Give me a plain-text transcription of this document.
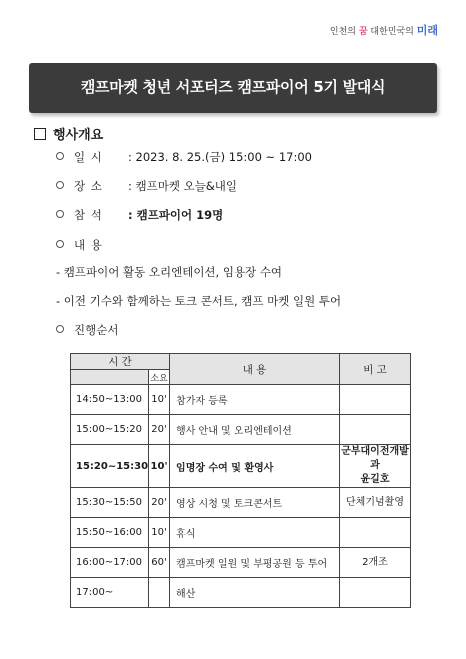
인천의 꿈 대한민국의 미래
캠프마켓 청년 서포터즈 캠프파이어 5기 발대식
행사개요
일 시 : 2023. 8. 25.(금) 15:00 ~ 17:00
장 소 : 캠프마켓 오늘&내일
참 석 : 캠프파이어 19명
내 용
- 캠프파이어 활동 오리엔테이션, 임용장 수여
- 이전 기수와 함께하는 토크 콘서트, 캠프 마켓 일원 투어
진행순서
시 간		내 용	비 고
	소요		
14:50~13:00	10'	참가자 등록	
15:00~15:20	20'	행사 안내 및 오리엔테이션	
15:20~15:30	10'	임명장 수여 및 환영사	군부대이전개발과
윤길호
15:30~15:50	20'	영상 시청 및 토크콘서트	단체기념촬영
15:50~16:00	10'	휴식	
16:00~17:00	60'	캠프마켓 일원 및 부평공원 등 투어	2개조
17:00~		해산	
